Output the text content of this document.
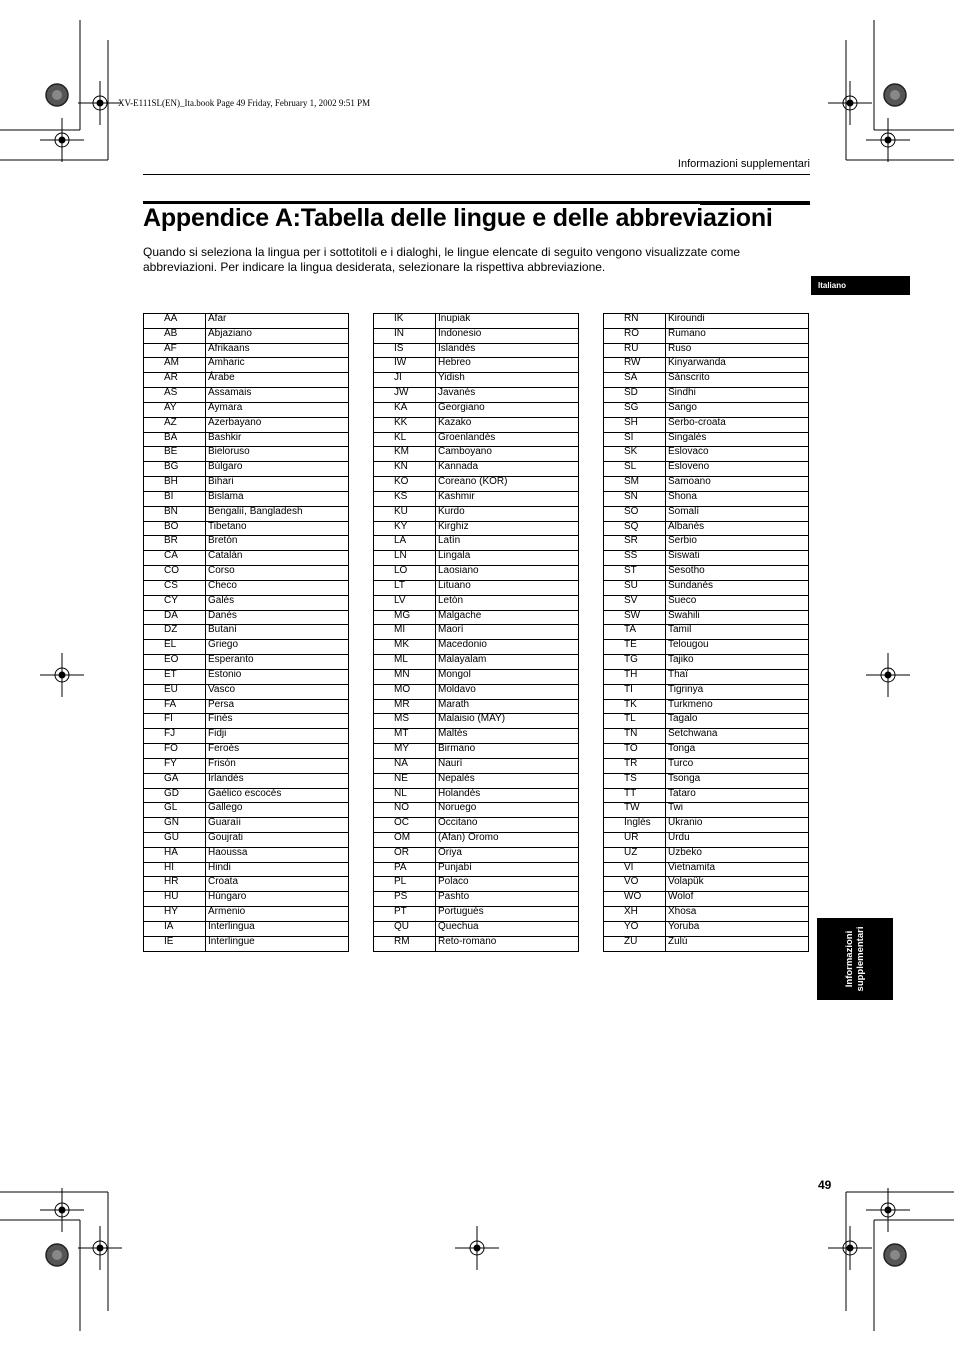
XV-E111SL(EN)_Ita.book Page 49 Friday, February 1, 2002 9:51 PM
Informazioni supplementari
Appendice A:Tabella delle lingue e delle abbreviazioni
Quando si seleziona la lingua per i sottotitoli e i dialoghi, le lingue elencate di seguito vengono visualizzate come abbreviazioni. Per indicare la lingua desiderata, selezionare la rispettiva abbreviazione.
Italiano
Informazioni supplementari
49
AA	Afar
AB	Abjaziano
AF	Afrikaans
AM	Amharic
AR	Árabe
AS	Assamais
AY	Aymara
AZ	Azerbayano
BA	Bashkir
BE	Bieloruso
BG	Búlgaro
BH	Bihari
BI	Bislama
BN	Bengalií, Bangladesh
BO	Tibetano
BR	Bretón
CA	Catalán
CO	Corso
CS	Checo
CY	Galés
DA	Danés
DZ	Butaní
EL	Griego
EO	Esperanto
ET	Estonio
EU	Vasco
FA	Persa
FI	Finés
FJ	Fidji
FO	Feroés
FY	Frisón
GA	Irlandés
GD	Gaélico escocés
GL	Gallego
GN	Guaraíi
GU	Goujrati
HA	Haoussa
HI	Hindi
HR	Croata
HU	Húngaro
HY	Armenio
IA	Interlingua
IE	Interlingue
IK	Inupiak
IN	Indonesio
IS	Islandés
IW	Hebreo
JI	Yidish
JW	Javanés
KA	Georgiano
KK	Kazako
KL	Groenlandés
KM	Camboyano
KN	Kannada
KO	Coreano (KOR)
KS	Kashmir
KU	Kurdo
KY	Kirghiz
LA	Latín
LN	Lingala
LO	Laosiano
LT	Lituano
LV	Letón
MG	Malgache
MI	Maorí
MK	Macedonio
ML	Malayalam
MN	Mongol
MO	Moldavo
MR	Marath
MS	Malaisio (MAY)
MT	Maltés
MY	Birmano
NA	Naurí
NE	Nepalés
NL	Holandés
NO	Noruego
OC	Occitano
OM	(Afan) Oromo
OR	Oriya
PA	Punjabí
PL	Polaco
PS	Pashto
PT	Portugués
QU	Quechua
RM	Reto-romano
RN	Kiroundi
RO	Rumano
RU	Ruso
RW	Kinyarwanda
SA	Sánscrito
SD	Sindhi
SG	Sango
SH	Serbo-croata
SI	Singalés
SK	Eslovaco
SL	Esloveno
SM	Samoano
SN	Shona
SO	Somalí
SQ	Albanés
SR	Serbio
SS	Siswati
ST	Sesotho
SU	Sundanés
SV	Sueco
SW	Swahili
TA	Tamil
TE	Telougou
TG	Tajiko
TH	Thaï
TI	Tigrinya
TK	Turkmeno
TL	Tagalo
TN	Setchwana
TO	Tonga
TR	Turco
TS	Tsonga
TT	Tataro
TW	Twi
Inglés	Ukranio
UR	Urdu
UZ	Uzbeko
VI	Vietnamita
VO	Volapük
WO	Wolof
XH	Xhosa
YO	Yoruba
ZU	Zulú
